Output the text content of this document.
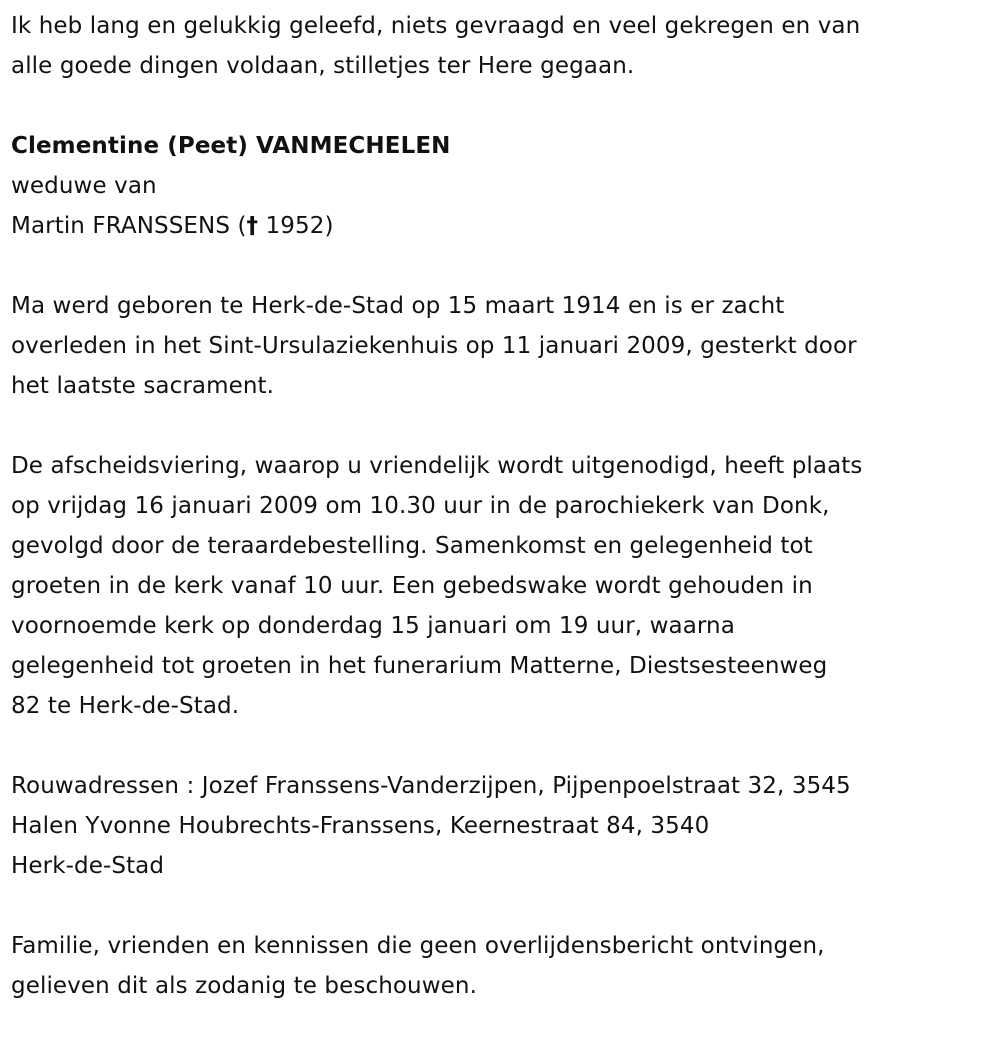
Ik heb lang en gelukkig geleefd, niets gevraagd en veel gekregen en van

alle goede dingen voldaan, stilletjes ter Here gegaan.

Clementine (Peet) VANMECHELEN

weduwe van

Martin FRANSSENS († 1952)

Ma werd geboren te Herk-de-Stad op 15 maart 1914 en is er zacht

overleden in het Sint-Ursulaziekenhuis op 11 januari 2009, gesterkt door

het laatste sacrament.

De afscheidsviering, waarop u vriendelijk wordt uitgenodigd, heeft plaats

op vrijdag 16 januari 2009 om 10.30 uur in de parochiekerk van Donk,

gevolgd door de teraardebestelling. Samenkomst en gelegenheid tot

groeten in de kerk vanaf 10 uur. Een gebedswake wordt gehouden in

voornoemde kerk op donderdag 15 januari om 19 uur, waarna

gelegenheid tot groeten in het funerarium Matterne, Diestsesteenweg

82 te Herk-de-Stad.

Rouwadressen : Jozef Franssens-Vanderzijpen, Pijpenpoelstraat 32, 3545

Halen Yvonne Houbrechts-Franssens, Keernestraat 84, 3540

Herk-de-Stad

Familie, vrienden en kennissen die geen overlijdensbericht ontvingen,

gelieven dit als zodanig te beschouwen.
